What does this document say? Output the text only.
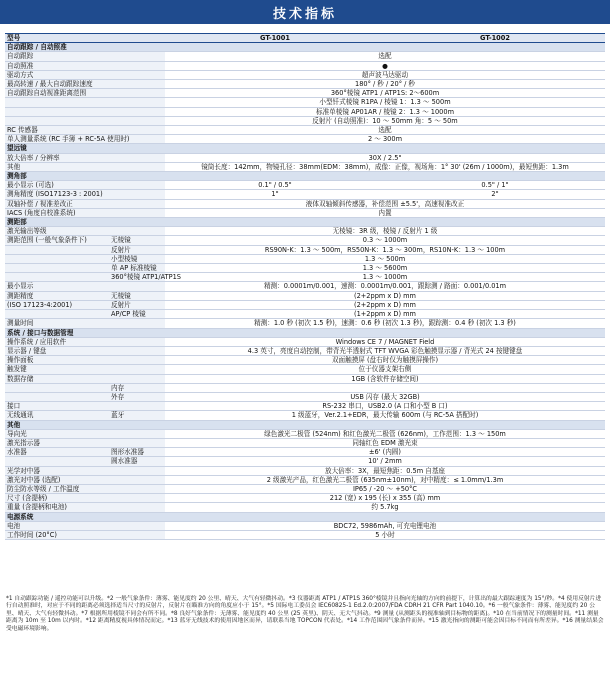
技术指标
型号		GT-1001	GT-1002
自动跟踪 / 自动照准			
自动跟踪		选配	
自动照准		●	
驱动方式		超声波马达驱动	
最高转速 / 最大自动跟踪速度		180° / 秒 / 20° / 秒	
自动跟踪自动视准距离范围		360°棱镜 ATP1 / ATP1S: 2～600m	
		小型钎式棱镜 R1PA / 棱镜 1：1.3 ～ 500m	
		标准单棱镜 AP01AR / 棱镜 2：1.3 ～ 1000m	
		反射片 (自动照准)：10 ～ 50mm 角：5 ～ 50m	
RC 传感器		选配	
单人测量系统 (RC 手簿 + RC-5A 使用时)		2 ～ 300m	
望远镜			
放大倍率 / 分辨率		30X / 2.5"	
其他		镜筒长度：142mm，物镜孔径：38mm(EDM：38mm)，成像：正像，视场角：1° 30' (26m / 1000m)，最短焦距：1.3m	
测角部			
最小显示 (可选)		0.1" / 0.5"	0.5" / 1"
测角精度 (ISO17123-3 : 2001)		1"	2"
双轴补偿 / 视准差改正		液体双轴倾斜传感器，补偿范围 ±5.5'，高速视准改正	
IACS (角度自校准系统)		内置	
测距部			
激光输出等级		无棱镜：3R 级，棱镜 / 反射片 1 级	
测距范围 (一般气象条件下)	无棱镜	0.3 ～ 1000m	
	反射片	RS90N-K：1.3 ～ 500m，RS50N-K：1.3 ～ 300m，RS10N-K：1.3 ～ 100m	
	小型棱镜	1.3 ～ 500m	
	单 AP 标准棱镜	1.3 ～ 5600m	
	360°棱镜 ATP1/ATP1S	1.3 ～ 1000m	
最小显示		精测：0.0001m/0.001，速测：0.0001m/0.001，跟踪测 / 路面：0.001/0.01m	
测距精度	无棱镜	(2+2ppm x D) mm	
(ISO 17123-4:2001)	反射片	(2+2ppm x D) mm	
	AP/CP 棱镜	(1+2ppm x D) mm	
测量时间		精测：1.0 秒 (初次 1.5 秒)，速测：0.6 秒 (初次 1.3 秒)，跟踪测：0.4 秒 (初次 1.3 秒)	
系统 / 接口与数据管理			
操作系统 / 应用软件		Windows CE 7 / MAGNET Field	
显示器 / 键盘		4.3 英寸，亮度自动控制，带背光半透射式 TFT WVGA 彩色触摸显示器 / 背光式 24 按键键盘	
操作面板		双面触摸屏 (盘右时仅为触摸屏操作)	
触发键		位于仪器支架右侧	
数据存储		1GB (含软件存储空间)	
	内存		
	外存	USB 闪存 (最大 32GB)	
接口		RS-232 串口，USB2.0 (A 口和小型 B 口)	
无线通讯	蓝牙	1 级蓝牙，Ver.2.1+EDR，最大传输 600m (与 RC-5A 搭配时)	
其他			
导向光		绿色激光二极管 (524nm) 和红色激光二极管 (626nm)，工作范围：1.3 ～ 150m	
激光指示器		同轴红色 EDM 激光束	
水准器	图形水准器	±6' (内圆)	
	圆水准器	10' / 2mm	
光学对中器		放大倍率：3X，最短焦距：0.5m 自基座	
激光对中器 (选配)		2 级激光产品，红色激光二极管 (635nm±10nm)，对中精度：≤ 1.0mm/1.3m	
防尘防水等级 / 工作温度		IP65 / -20 ～ +50°C	
尺寸 (含提柄)		212 (宽) x 195 (长) x 355 (高) mm	
重量 (含提柄和电池)		约 5.7kg	
电源系统			
电池		BDC72, 5986mAh, 可充电锂电池	
工作时间 (20°C)		5 小时	
*1 自动跟踪功能 / 遥控功能可以升级。*2 一般气象条件：薄雾、能见度约 20 公里、晴天、大气有轻微抖动。*3 仪器距离 ATP1 / ATP1S 360°棱镜并且指向光轴的方向的前提下，计算出的最大跟踪速度为 15°/秒。*4 使用反射片进行自动照准时，对应于不同的距离必须选择适当尺寸的反射片，反射片在瞄准方向的角度应小于 15°。*5 国际电工委员会 IEC60825-1 Ed.2.0:2007/FDA CDRH 21 CFR Part 1040.10。*6 一般气象条件：薄雾、能见度约 20 公里、晴天、大气有轻微抖动。*7 根据所用棱镜不同会有所不同。*8 良好气象条件：无薄雾、能见度约 40 公里 (25 英里)、阴天、无大气抖动。*9 测量 (从测距头的视准轴到目标物的距离)。*10 在当前情况下的测量时间。*11 测量距离为 10m 至 10m 以内时。*12 距离精度视具体情况而定。*13 蓝牙无线技术的使用因地区而异，请联系当地 TOPCON 代表处。*14 工作范围因气象条件而异。*15 激光指向的测距可能会因目标不同而有所差异。*16 测量结果会受电磁环境影响。
